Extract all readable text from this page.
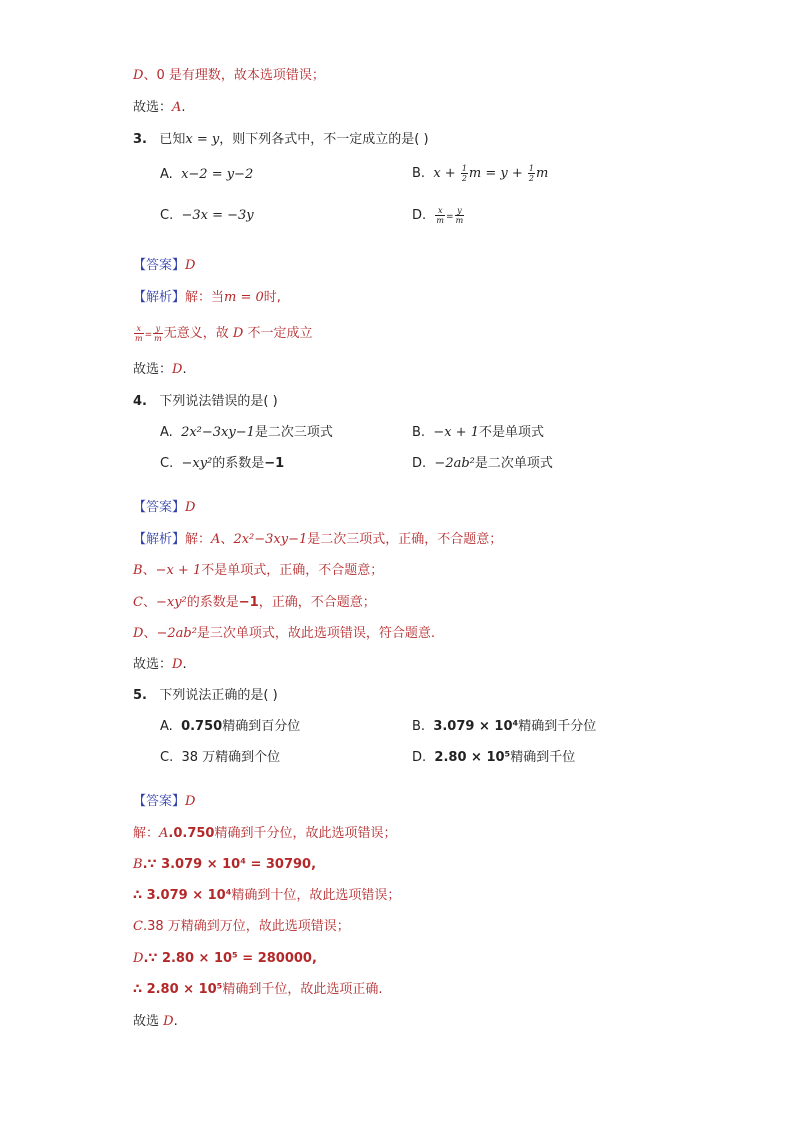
D、0 是有理数，故本选项错误；
故选：A.
3. 已知x = y，则下列各式中，不一定成立的是( )
A. x−2 = y−2	B. $x + \frac{1}{2}$ $m = y + \frac{1}{2}$ m
C. −3x = −3y	D. $\frac{x}{m} = \frac{y}{m}$
【答案】D
【解析】解：当m = 0时,
$\frac{x}{m} = \frac{y}{m}$ 无意义，故 D 不一定成立
故选：D.
4. 下列说法错误的是( )
A. 2x²−3xy−1是二次三项式	B. −x + 1不是单项式
C. −xy²的系数是−1	D. −2ab²是二次单项式
【答案】D
【解析】解：A、2x²−3xy−1是二次三项式，正确，不合题意；
B、−x + 1不是单项式，正确，不合题意；
C、−xy²的系数是−1，正确，不合题意；
D、−2ab²是三次单项式，故此选项错误，符合题意.
故选：D.
5. 下列说法正确的是( )
A. 0.750精确到百分位	B. 3.079 × 10⁴精确到千分位
C. 38 万精确到个位	D. 2.80 × 10⁵精确到千位
【答案】D
解：A.0.750精确到千分位，故此选项错误；
B.∵ 3.079 × 10⁴ = 30790,
∴ 3.079 × 10⁴精确到十位，故此选项错误；
C.38 万精确到万位，故此选项错误；
D.∵ 2.80 × 10⁵ = 280000,
∴ 2.80 × 10⁵精确到千位，故此选项正确.
故选 D.
